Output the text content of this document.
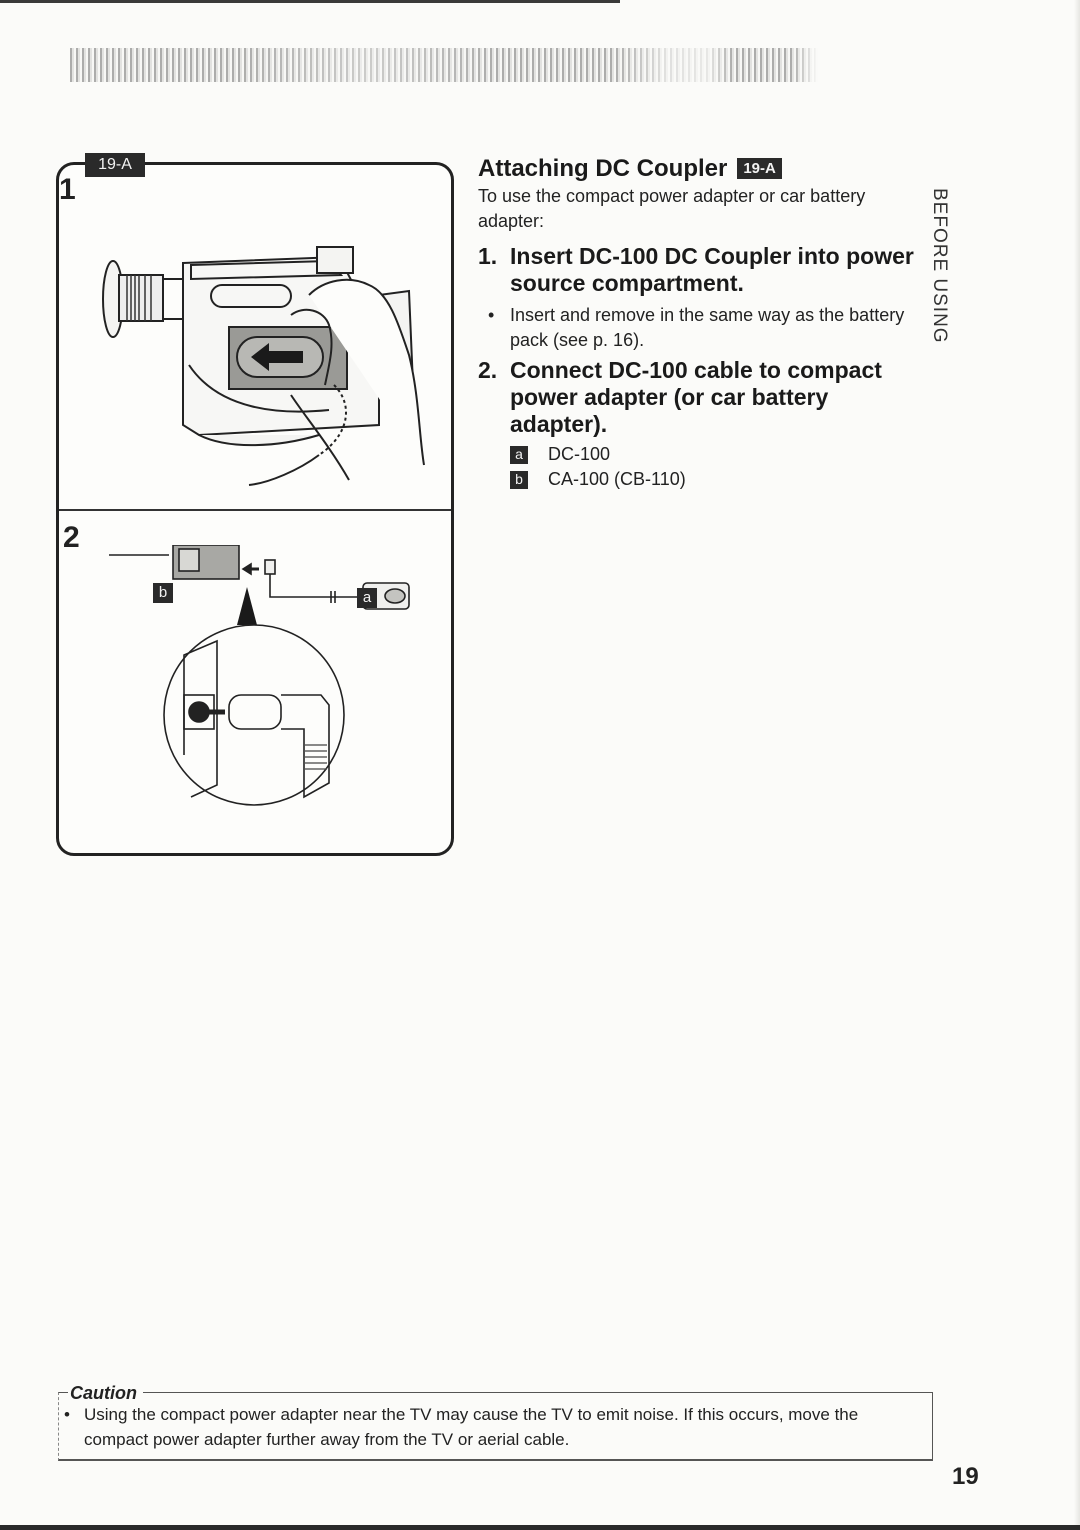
19-A
1
2
b	a
Attaching DC Coupler 19-A
To use the compact power adapter or car battery adapter:
1. Insert DC-100 DC Coupler into power source compartment.
• Insert and remove in the same way as the battery pack (see p. 16).
2. Connect DC-100 cable to compact power adapter (or car battery adapter).
a DC-100
b CA-100 (CB-110)
BEFORE USING
Caution
• Using the compact power adapter near the TV may cause the TV to emit noise. If this occurs, move the compact power adapter further away from the TV or aerial cable.
19
